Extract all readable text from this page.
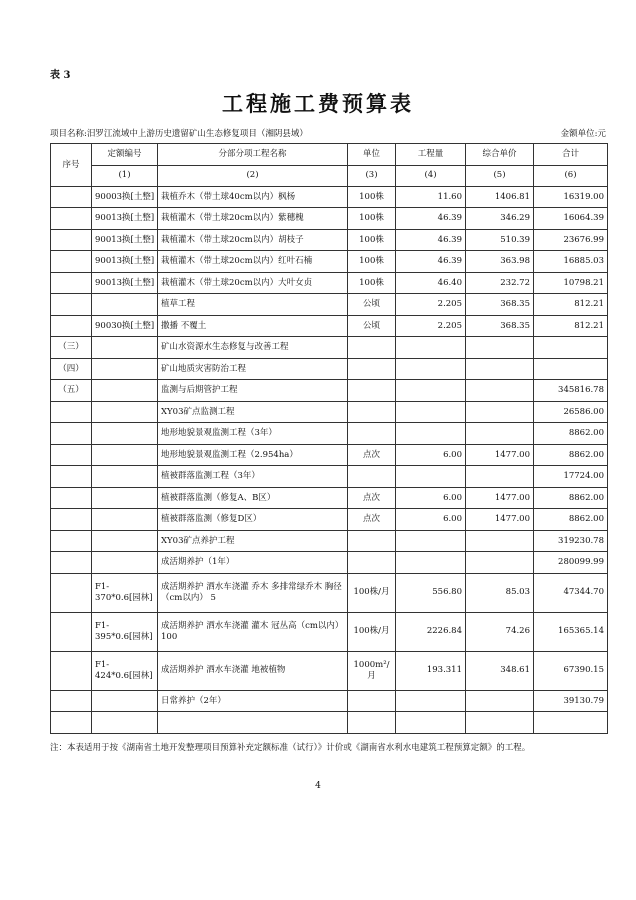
表 3
工程施工费预算表
项目名称:汨罗江流域中上游历史遗留矿山生态修复项目（湘阴县域）	金额单位:元
序号	定额编号	分部分项工程名称	单位	工程量	综合单价	合计
	(1)	(2)	(3)	(4)	(5)	(6)
	90003换[土整]	栽植乔木（带土球40cm以内）枫杨	100株	11.60	1406.81	16319.00
	90013换[土整]	栽植灌木（带土球20cm以内）紫穗槐	100株	46.39	346.29	16064.39
	90013换[土整]	栽植灌木（带土球20cm以内）胡枝子	100株	46.39	510.39	23676.99
	90013换[土整]	栽植灌木（带土球20cm以内）红叶石楠	100株	46.39	363.98	16885.03
	90013换[土整]	栽植灌木（带土球20cm以内）大叶女贞	100株	46.40	232.72	10798.21
		植草工程	公顷	2.205	368.35	812.21
	90030换[土整]	撒播 不覆土	公顷	2.205	368.35	812.21
（三）		矿山水资源水生态修复与改善工程				
（四）		矿山地质灾害防治工程				
（五）		监测与后期管护工程				345816.78
		XY03矿点监测工程				26586.00
		地形地貌景观监测工程（3年）				8862.00
		地形地貌景观监测工程（2.954ha）	点次	6.00	1477.00	8862.00
		植被群落监测工程（3年）				17724.00
		植被群落监测（修复A、B区）	点次	6.00	1477.00	8862.00
		植被群落监测（修复D区）	点次	6.00	1477.00	8862.00
		XY03矿点养护工程				319230.78
		成活期养护（1年）				280099.99
	F1-370*0.6[园林]	成活期养护 洒水车浇灌 乔木 多排常绿乔木 胸径（cm以内） 5	100株/月	556.80	85.03	47344.70
	F1-395*0.6[园林]	成活期养护 洒水车浇灌 灌木 冠丛高（cm以内） 100	100株/月	2226.84	74.26	165365.14
	F1-424*0.6[园林]	成活期养护 洒水车浇灌 地被植物	1000m²/月	193.311	348.61	67390.15
		日常养护（2年）				39130.79

注：本表适用于按《湖南省土地开发整理项目预算补充定额标准（试行）》计价或《湖南省水利水电建筑工程预算定额》的工程。
4
